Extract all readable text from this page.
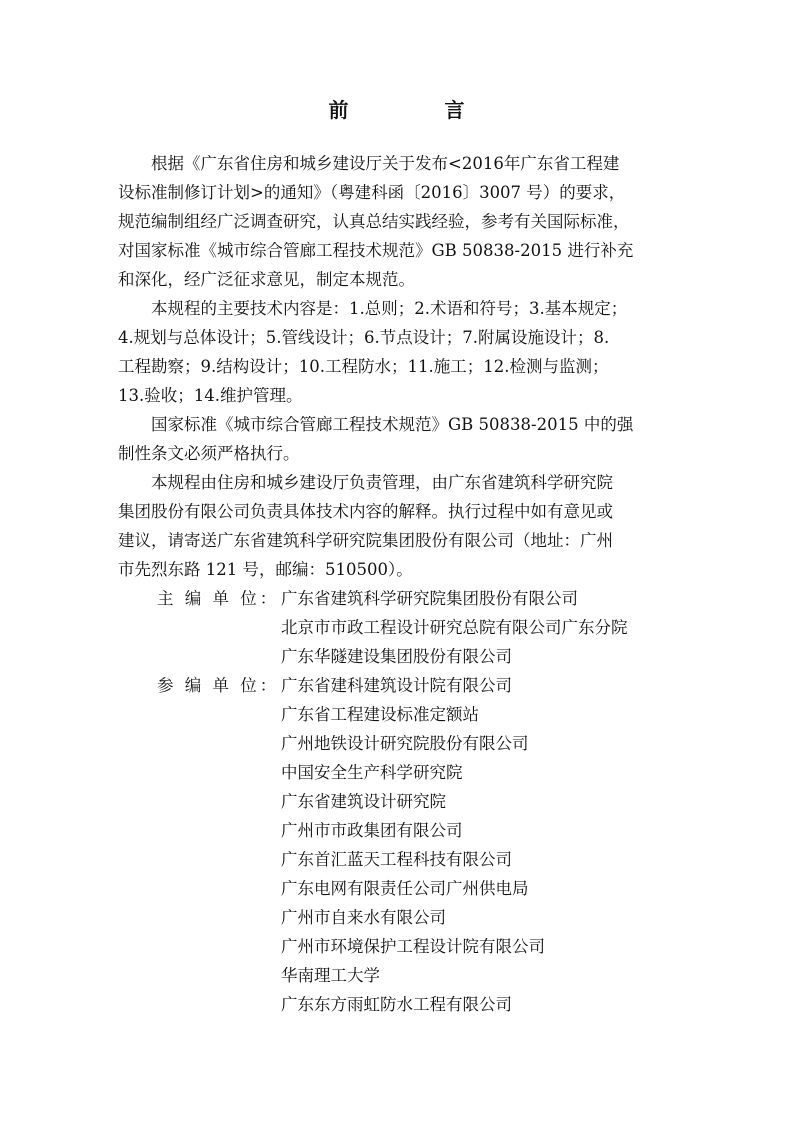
前　言
根据《广东省住房和城乡建设厅关于发布<2016年广东省工程建
设标准制修订计划>的通知》（粤建科函〔2016〕3007 号）的要求，
规范编制组经广泛调查研究，认真总结实践经验，参考有关国际标准，
对国家标准《城市综合管廊工程技术规范》GB 50838-2015 进行补充
和深化，经广泛征求意见，制定本规范。
本规程的主要技术内容是：1.总则；2.术语和符号；3.基本规定；
4.规划与总体设计；5.管线设计；6.节点设计；7.附属设施设计；8.
工程勘察；9.结构设计；10.工程防水；11.施工；12.检测与监测；
13.验收；14.维护管理。
国家标准《城市综合管廊工程技术规范》GB 50838-2015 中的强
制性条文必须严格执行。
本规程由住房和城乡建设厅负责管理，由广东省建筑科学研究院
集团股份有限公司负责具体技术内容的解释。执行过程中如有意见或
建议，请寄送广东省建筑科学研究院集团股份有限公司（地址：广州
市先烈东路 121 号，邮编：510500）。
主 编 单 位： 广东省建筑科学研究院集团股份有限公司
北京市市政工程设计研究总院有限公司广东分院
广东华隧建设集团股份有限公司
参 编 单 位： 广东省建科建筑设计院有限公司
广东省工程建设标准定额站
广州地铁设计研究院股份有限公司
中国安全生产科学研究院
广东省建筑设计研究院
广州市市政集团有限公司
广东首汇蓝天工程科技有限公司
广东电网有限责任公司广州供电局
广州市自来水有限公司
广州市环境保护工程设计院有限公司
华南理工大学
广东东方雨虹防水工程有限公司
